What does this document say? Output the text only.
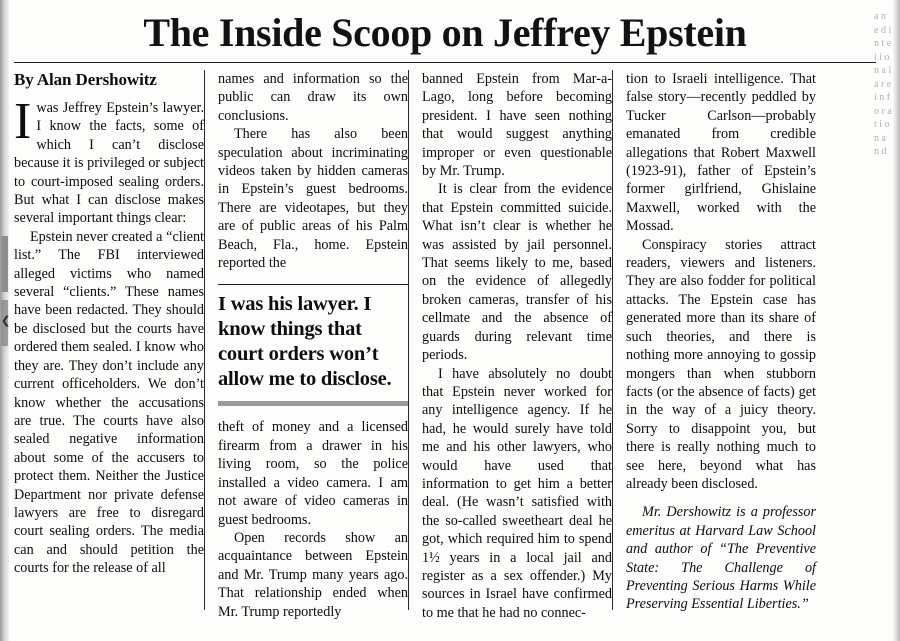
❮
a n e d i n t e i i o n a l a r e i n f o r a t i o n a n d
The Inside Scoop on Jeffrey Epstein
By Alan Dershowitz

Iwas Jeffrey Epstein’s lawyer. I know the facts, some of which I can’t disclose because it is privileged or subject to court-imposed sealing orders. But what I can disclose makes several important things clear:

Epstein never created a “client list.” The FBI interviewed alleged victims who named several “clients.” These names have been redacted. They should be disclosed but the courts have ordered them sealed. I know who they are. They don’t include any current officeholders. We don’t know whether the accusations are true. The courts have also sealed negative information about some of the accusers to protect them. Neither the Justice Department nor private defense lawyers are free to disregard court sealing orders. The media can and should petition the courts for the release of all

names and information so the public can draw its own conclusions.

There has also been speculation about incriminating videos taken by hidden cameras in Epstein’s guest bedrooms. There are videotapes, but they are of public areas of his Palm Beach, Fla., home. Epstein reported the

I was his lawyer. I know things that court orders won’t allow me to disclose.

theft of money and a licensed firearm from a drawer in his living room, so the police installed a video camera. I am not aware of video cameras in guest bedrooms.

Open records show an acquaintance between Epstein and Mr. Trump many years ago. That relationship ended when Mr. Trump reportedly

banned Epstein from Mar-a-Lago, long before becoming president. I have seen nothing that would suggest anything improper or even questionable by Mr. Trump.

It is clear from the evidence that Epstein committed suicide. What isn’t clear is whether he was assisted by jail personnel. That seems likely to me, based on the evidence of allegedly broken cameras, transfer of his cellmate and the absence of guards during relevant time periods.

I have absolutely no doubt that Epstein never worked for any intelligence agency. If he had, he would surely have told me and his other lawyers, who would have used that information to get him a better deal. (He wasn’t satisfied with the so-called sweetheart deal he got, which required him to spend 1½ years in a local jail and register as a sex offender.) My sources in Israel have confirmed to me that he had no connec-

tion to Israeli intelligence. That false story—recently peddled by Tucker Carlson—probably emanated from credible allegations that Robert Maxwell (1923-91), father of Epstein’s former girlfriend, Ghislaine Maxwell, worked with the Mossad.

Conspiracy stories attract readers, viewers and listeners. They are also fodder for political attacks. The Epstein case has generated more than its share of such theories, and there is nothing more annoying to gossip mongers than when stubborn facts (or the absence of facts) get in the way of a juicy theory. Sorry to disappoint you, but there is really nothing much to see here, beyond what has already been disclosed.

Mr. Dershowitz is a professor emeritus at Harvard Law School and author of “The Preventive State: The Challenge of Preventing Serious Harms While Preserving Essential Liberties.”
